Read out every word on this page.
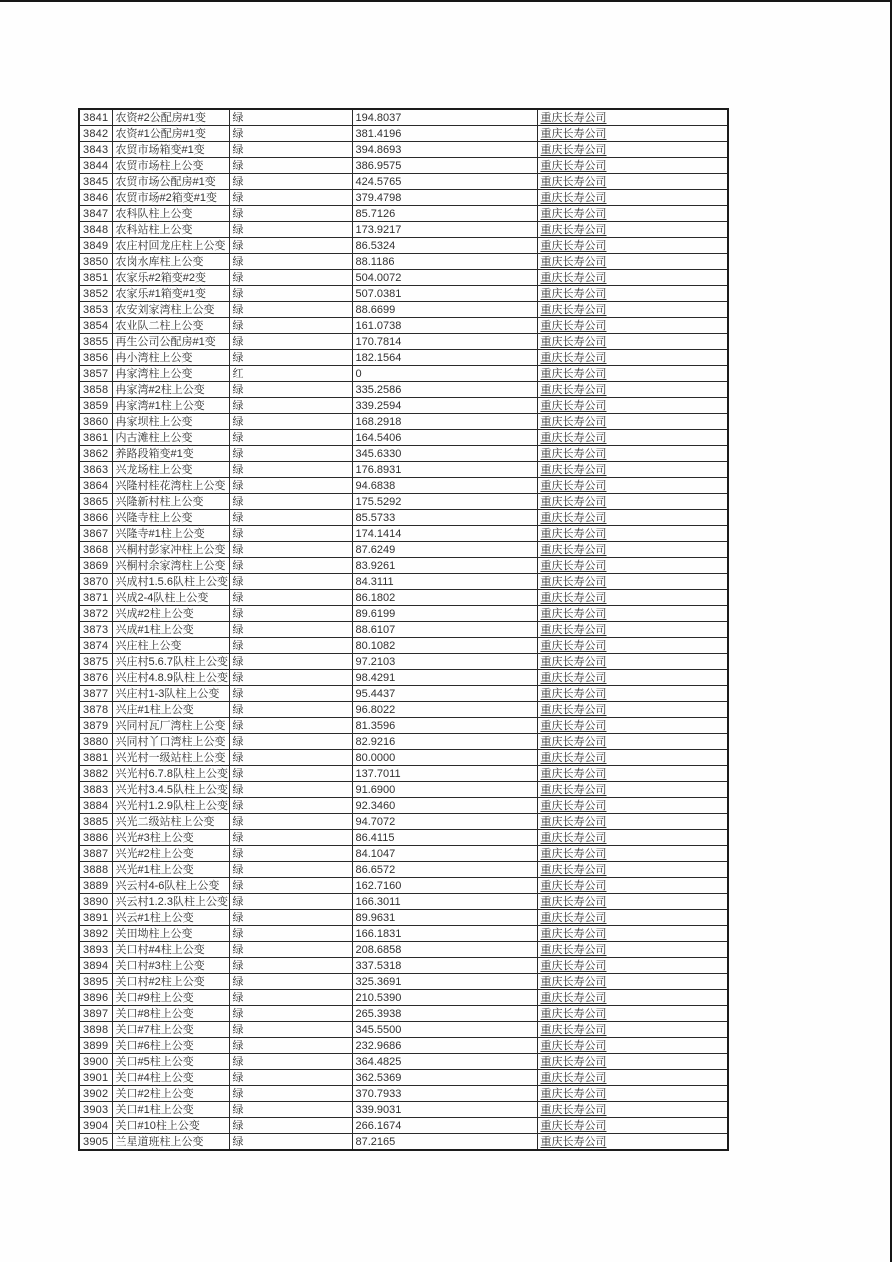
3841	农资#2公配房#1变	绿	194.8037	重庆长寿公司
3842	农资#1公配房#1变	绿	381.4196	重庆长寿公司
3843	农贸市场箱变#1变	绿	394.8693	重庆长寿公司
3844	农贸市场柱上公变	绿	386.9575	重庆长寿公司
3845	农贸市场公配房#1变	绿	424.5765	重庆长寿公司
3846	农贸市场#2箱变#1变	绿	379.4798	重庆长寿公司
3847	农科队柱上公变	绿	85.7126	重庆长寿公司
3848	农科站柱上公变	绿	173.9217	重庆长寿公司
3849	农庄村回龙庄柱上公变	绿	86.5324	重庆长寿公司
3850	农岗水库柱上公变	绿	88.1186	重庆长寿公司
3851	农家乐#2箱变#2变	绿	504.0072	重庆长寿公司
3852	农家乐#1箱变#1变	绿	507.0381	重庆长寿公司
3853	农安刘家湾柱上公变	绿	88.6699	重庆长寿公司
3854	农业队二柱上公变	绿	161.0738	重庆长寿公司
3855	再生公司公配房#1变	绿	170.7814	重庆长寿公司
3856	冉小湾柱上公变	绿	182.1564	重庆长寿公司
3857	冉家湾柱上公变	红	0	重庆长寿公司
3858	冉家湾#2柱上公变	绿	335.2586	重庆长寿公司
3859	冉家湾#1柱上公变	绿	339.2594	重庆长寿公司
3860	冉家坝柱上公变	绿	168.2918	重庆长寿公司
3861	内古滩柱上公变	绿	164.5406	重庆长寿公司
3862	养路段箱变#1变	绿	345.6330	重庆长寿公司
3863	兴龙场柱上公变	绿	176.8931	重庆长寿公司
3864	兴隆村桂花湾柱上公变	绿	94.6838	重庆长寿公司
3865	兴隆新村柱上公变	绿	175.5292	重庆长寿公司
3866	兴隆寺柱上公变	绿	85.5733	重庆长寿公司
3867	兴隆寺#1柱上公变	绿	174.1414	重庆长寿公司
3868	兴桐村彭家冲柱上公变	绿	87.6249	重庆长寿公司
3869	兴桐村余家湾柱上公变	绿	83.9261	重庆长寿公司
3870	兴成村1.5.6队柱上公变	绿	84.3111	重庆长寿公司
3871	兴成2-4队柱上公变	绿	86.1802	重庆长寿公司
3872	兴成#2柱上公变	绿	89.6199	重庆长寿公司
3873	兴成#1柱上公变	绿	88.6107	重庆长寿公司
3874	兴庄柱上公变	绿	80.1082	重庆长寿公司
3875	兴庄村5.6.7队柱上公变	绿	97.2103	重庆长寿公司
3876	兴庄村4.8.9队柱上公变	绿	98.4291	重庆长寿公司
3877	兴庄村1-3队柱上公变	绿	95.4437	重庆长寿公司
3878	兴庄#1柱上公变	绿	96.8022	重庆长寿公司
3879	兴同村瓦厂湾柱上公变	绿	81.3596	重庆长寿公司
3880	兴同村丫口湾柱上公变	绿	82.9216	重庆长寿公司
3881	兴光村一级站柱上公变	绿	80.0000	重庆长寿公司
3882	兴光村6.7.8队柱上公变	绿	137.7011	重庆长寿公司
3883	兴光村3.4.5队柱上公变	绿	91.6900	重庆长寿公司
3884	兴光村1.2.9队柱上公变	绿	92.3460	重庆长寿公司
3885	兴光二级站柱上公变	绿	94.7072	重庆长寿公司
3886	兴光#3柱上公变	绿	86.4115	重庆长寿公司
3887	兴光#2柱上公变	绿	84.1047	重庆长寿公司
3888	兴光#1柱上公变	绿	86.6572	重庆长寿公司
3889	兴云村4-6队柱上公变	绿	162.7160	重庆长寿公司
3890	兴云村1.2.3队柱上公变	绿	166.3011	重庆长寿公司
3891	兴云#1柱上公变	绿	89.9631	重庆长寿公司
3892	关田坳柱上公变	绿	166.1831	重庆长寿公司
3893	关口村#4柱上公变	绿	208.6858	重庆长寿公司
3894	关口村#3柱上公变	绿	337.5318	重庆长寿公司
3895	关口村#2柱上公变	绿	325.3691	重庆长寿公司
3896	关口#9柱上公变	绿	210.5390	重庆长寿公司
3897	关口#8柱上公变	绿	265.3938	重庆长寿公司
3898	关口#7柱上公变	绿	345.5500	重庆长寿公司
3899	关口#6柱上公变	绿	232.9686	重庆长寿公司
3900	关口#5柱上公变	绿	364.4825	重庆长寿公司
3901	关口#4柱上公变	绿	362.5369	重庆长寿公司
3902	关口#2柱上公变	绿	370.7933	重庆长寿公司
3903	关口#1柱上公变	绿	339.9031	重庆长寿公司
3904	关口#10柱上公变	绿	266.1674	重庆长寿公司
3905	兰星道班柱上公变	绿	87.2165	重庆长寿公司
